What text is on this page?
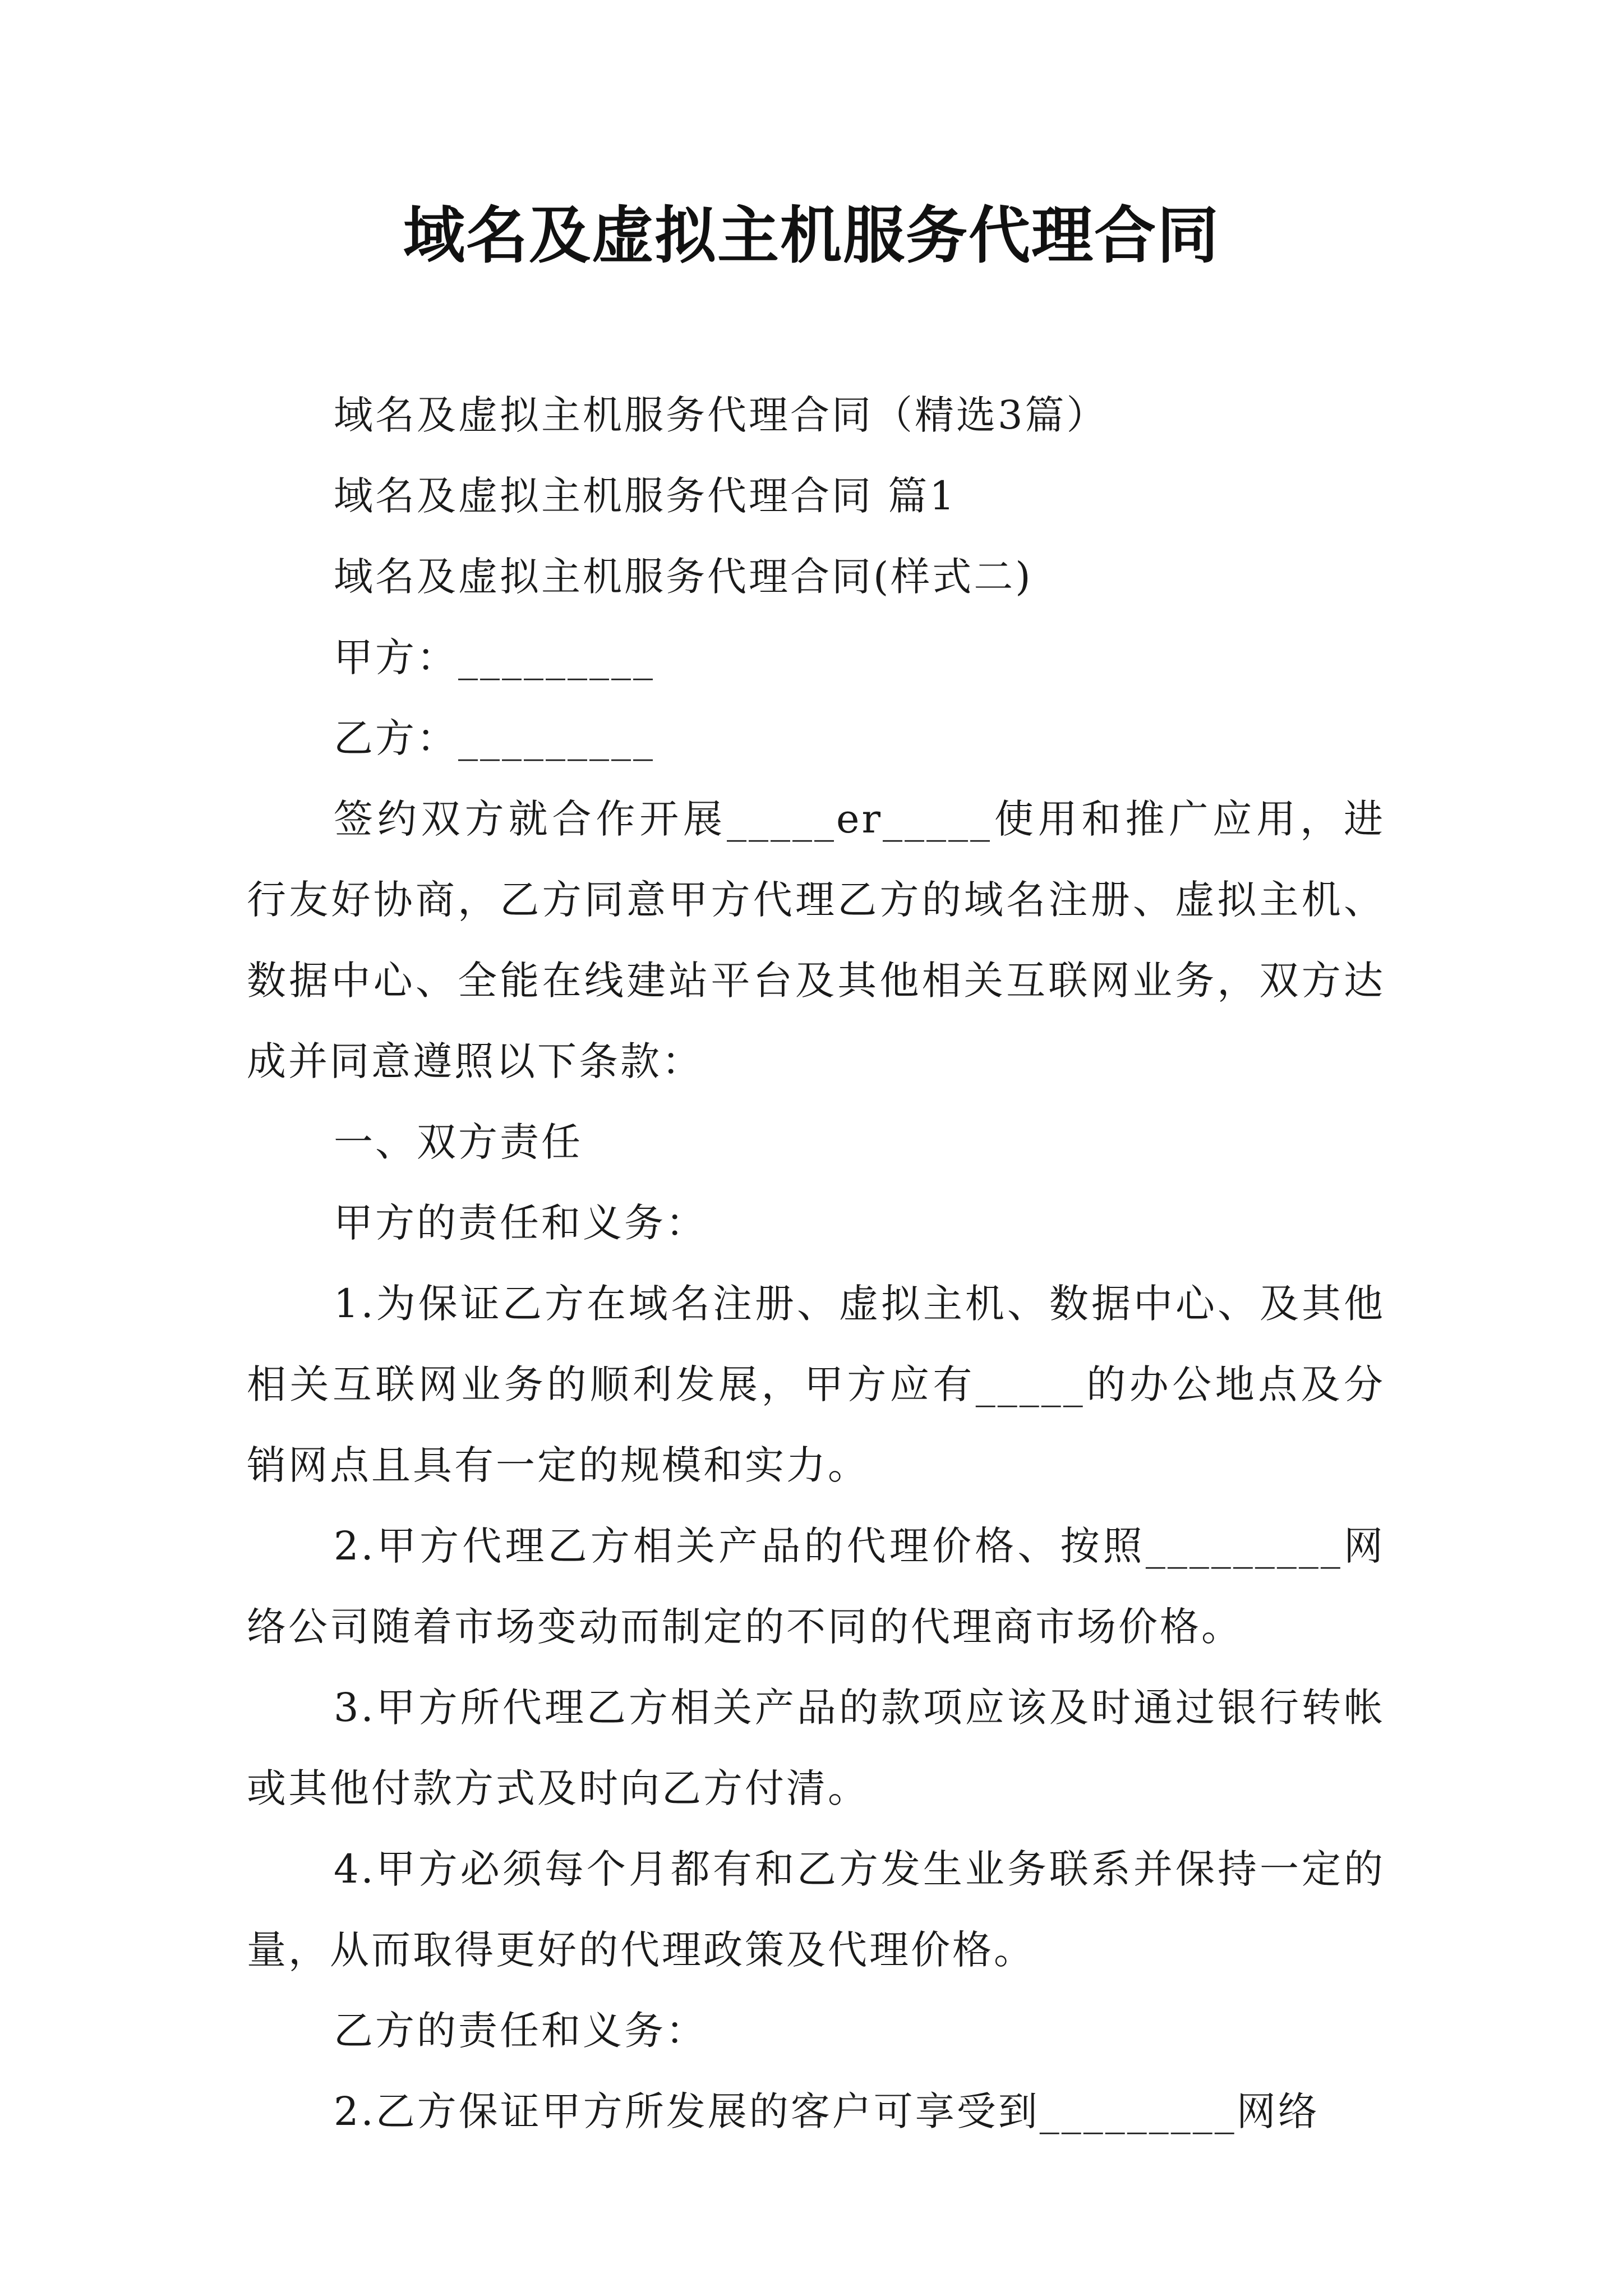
域名及虚拟主机服务代理合同

域名及虚拟主机服务代理合同（精选3篇）

域名及虚拟主机服务代理合同 篇1

域名及虚拟主机服务代理合同(样式二)

甲方：_________

乙方：_________

签约双方就合作开展_____er_____使用和推广应用，进行友好协商，乙方同意甲方代理乙方的域名注册、虚拟主机、数据中心、全能在线建站平台及其他相关互联网业务，双方达成并同意遵照以下条款：

一、双方责任

甲方的责任和义务：

1.为保证乙方在域名注册、虚拟主机、数据中心、及其他相关互联网业务的顺利发展，甲方应有_____的办公地点及分销网点且具有一定的规模和实力。

2.甲方代理乙方相关产品的代理价格、按照_________网络公司随着市场变动而制定的不同的代理商市场价格。

3.甲方所代理乙方相关产品的款项应该及时通过银行转帐或其他付款方式及时向乙方付清。

4.甲方必须每个月都有和乙方发生业务联系并保持一定的量，从而取得更好的代理政策及代理价格。

乙方的责任和义务：

2.乙方保证甲方所发展的客户可享受到_________网络
